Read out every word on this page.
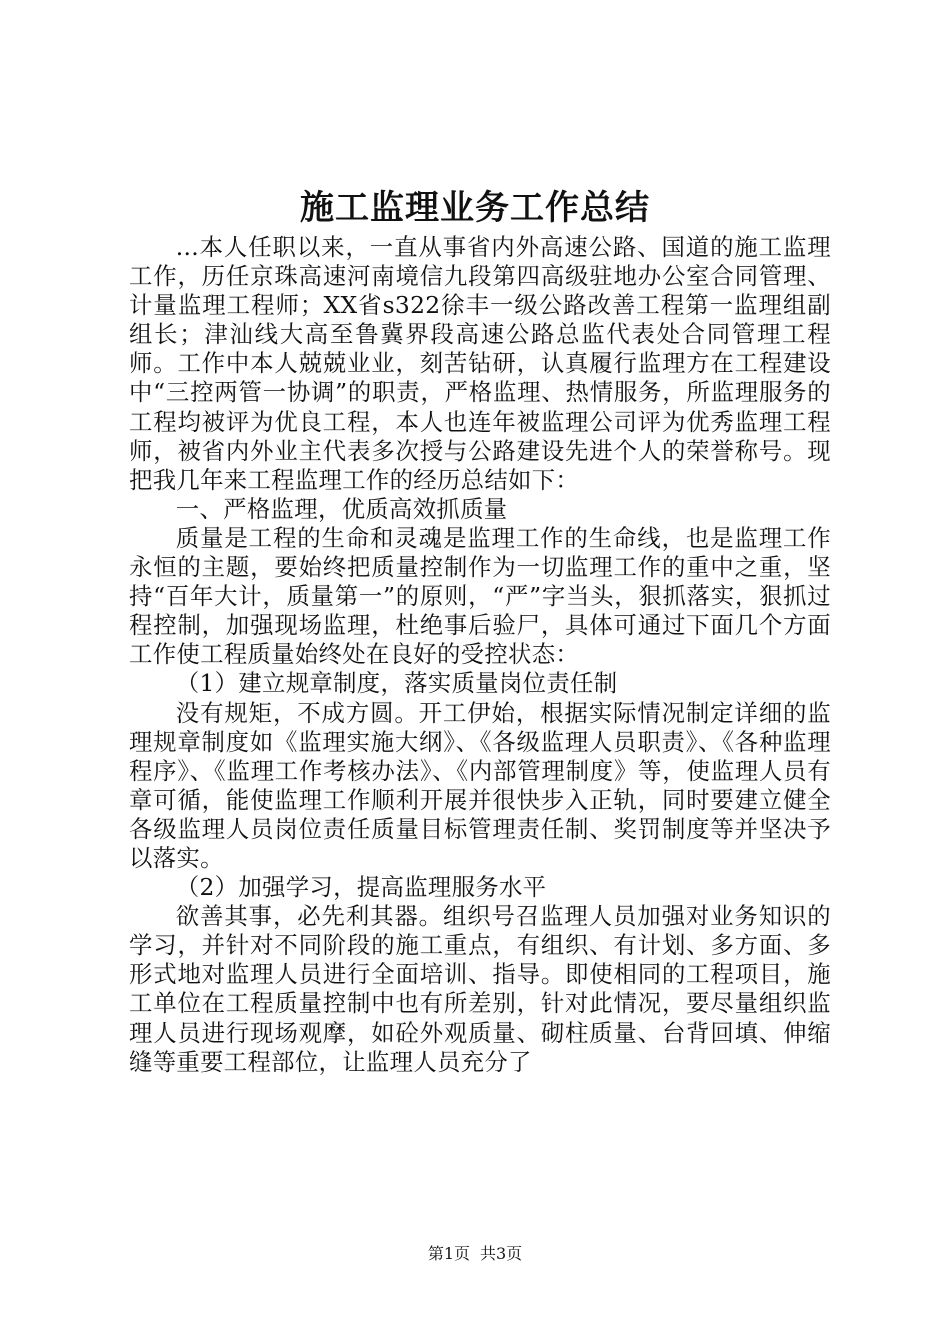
施工监理业务工作总结

...本人任职以来，一直从事省内外高速公路、国道的施工监理工作，历任京珠高速河南境信九段第四高级驻地办公室合同管理、计量监理工程师；XX省s322徐丰一级公路改善工程第一监理组副组长；津汕线大高至鲁冀界段高速公路总监代表处合同管理工程师。工作中本人兢兢业业，刻苦钻研，认真履行监理方在工程建设中“三控两管一协调”的职责，严格监理、热情服务，所监理服务的工程均被评为优良工程，本人也连年被监理公司评为优秀监理工程师，被省内外业主代表多次授与公路建设先进个人的荣誉称号。现把我几年来工程监理工作的经历总结如下：

一、严格监理，优质高效抓质量

质量是工程的生命和灵魂是监理工作的生命线，也是监理工作永恒的主题，要始终把质量控制作为一切监理工作的重中之重，坚持“百年大计，质量第一”的原则，“严”字当头，狠抓落实，狠抓过程控制，加强现场监理，杜绝事后验尸，具体可通过下面几个方面工作使工程质量始终处在良好的受控状态：

（1）建立规章制度，落实质量岗位责任制

没有规矩，不成方圆。开工伊始，根据实际情况制定详细的监理规章制度如《监理实施大纲》、《各级监理人员职责》、《各种监理程序》、《监理工作考核办法》、《内部管理制度》等，使监理人员有章可循，能使监理工作顺利开展并很快步入正轨，同时要建立健全各级监理人员岗位责任质量目标管理责任制、奖罚制度等并坚决予以落实。

（2）加强学习，提高监理服务水平

欲善其事，必先利其器。组织号召监理人员加强对业务知识的学习，并针对不同阶段的施工重点，有组织、有计划、多方面、多形式地对监理人员进行全面培训、指导。即使相同的工程项目，施工单位在工程质量控制中也有所差别，针对此情况，要尽量组织监理人员进行现场观摩，如砼外观质量、砌柱质量、台背回填、伸缩缝等重要工程部位，让监理人员充分了

第1页 共3页
